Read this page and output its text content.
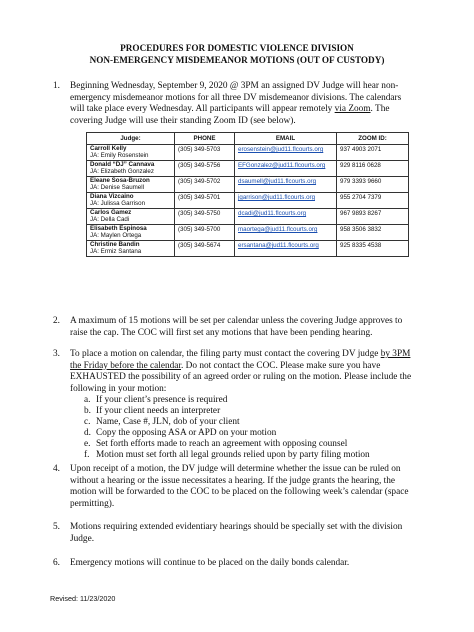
PROCEDURES FOR DOMESTIC VIOLENCE DIVISION
NON-EMERGENCY MISDEMEANOR MOTIONS (OUT OF CUSTODY)
1. Beginning Wednesday, September 9, 2020 @ 3PM an assigned DV Judge will hear non-emergency misdemeanor motions for all three DV misdemeanor divisions. The calendars will take place every Wednesday. All participants will appear remotely via Zoom. The covering Judge will use their standing Zoom ID (see below).
Judge:	PHONE	EMAIL	ZOOM ID:

Carroll Kelly
JA: Emily Rosenstein	(305) 349-5703	erosenstein@jud11.flcourts.org	937 4903 2071

Donald “DJ” Cannava
JA: Elizabeth Gonzalez	(305) 349-5756	EFGonzalez@jud11.flcourts.org	929 8116 0628

Eleane Sosa-Bruzon
JA: Denise Saumell	(305) 349-5702	dsaumell@jud11.flcourts.org	979 3393 9660

Diana Vizcaino
JA: Julissa Garrison	(305) 349-5701	jgarrison@jud11.flcourts.org	955 2704 7379

Carlos Gamez
JA: Della Cadi	(305) 349-5750	dcadi@jud11.flcourts.org	967 9893 8267

Elisabeth Espinosa
JA: Maylen Ortega	(305) 349-5700	maortega@jud11.flcourts.org	958 3506 3832

Christine Bandin
JA: Ermiz Santana	(305) 349-5674	ersantana@jud11.flcourts.org	925 8335 4538
2. A maximum of 15 motions will be set per calendar unless the covering Judge approves to raise the cap. The COC will first set any motions that have been pending hearing.
3. To place a motion on calendar, the filing party must contact the covering DV judge by 3PM the Friday before the calendar. Do not contact the COC. Please make sure you have EXHAUSTED the possibility of an agreed order or ruling on the motion. Please include the following in your motion:
a. If your client’s presence is required
b. If your client needs an interpreter
c. Name, Case #, JLN, dob of your client
d. Copy the opposing ASA or APD on your motion
e. Set forth efforts made to reach an agreement with opposing counsel
f. Motion must set forth all legal grounds relied upon by party filing motion
4. Upon receipt of a motion, the DV judge will determine whether the issue can be ruled on without a hearing or the issue necessitates a hearing. If the judge grants the hearing, the motion will be forwarded to the COC to be placed on the following week’s calendar (space permitting).
5. Motions requiring extended evidentiary hearings should be specially set with the division Judge.
6. Emergency motions will continue to be placed on the daily bonds calendar.
Revised: 11/23/2020
